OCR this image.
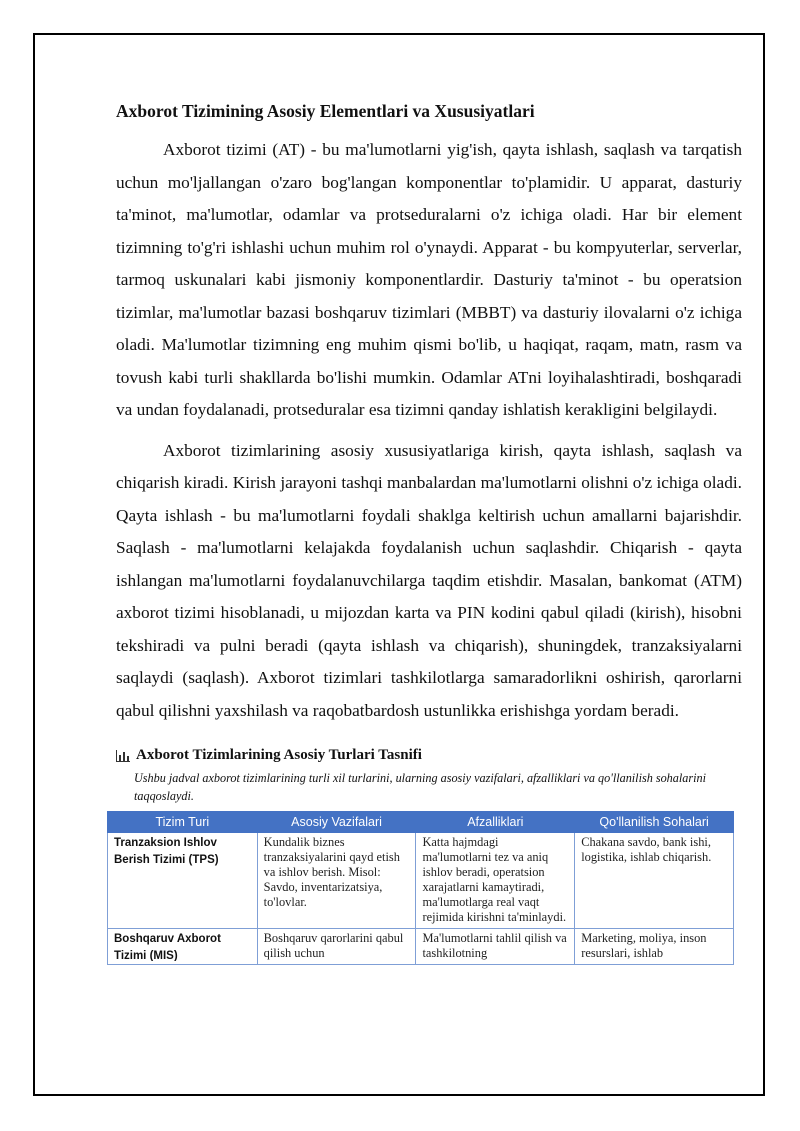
Axborot Tizimining Asosiy Elementlari va Xususiyatlari

Axborot tizimi (AT) - bu ma'lumotlarni yig'ish, qayta ishlash, saqlash va tarqatish uchun mo'ljallangan o'zaro bog'langan komponentlar to'plamidir. U apparat, dasturiy ta'minot, ma'lumotlar, odamlar va protseduralarni o'z ichiga oladi. Har bir element tizimning to'g'ri ishlashi uchun muhim rol o'ynaydi. Apparat - bu kompyuterlar, serverlar, tarmoq uskunalari kabi jismoniy komponentlardir. Dasturiy ta'minot - bu operatsion tizimlar, ma'lumotlar bazasi boshqaruv tizimlari (MBBT) va dasturiy ilovalarni o'z ichiga oladi. Ma'lumotlar tizimning eng muhim qismi bo'lib, u haqiqat, raqam, matn, rasm va tovush kabi turli shakllarda bo'lishi mumkin. Odamlar ATni loyihalashtiradi, boshqaradi va undan foydalanadi, protseduralar esa tizimni qanday ishlatish kerakligini belgilaydi.

Axborot tizimlarining asosiy xususiyatlariga kirish, qayta ishlash, saqlash va chiqarish kiradi. Kirish jarayoni tashqi manbalardan ma'lumotlarni olishni o'z ichiga oladi. Qayta ishlash - bu ma'lumotlarni foydali shaklga keltirish uchun amallarni bajarishdir. Saqlash - ma'lumotlarni kelajakda foydalanish uchun saqlashdir. Chiqarish - qayta ishlangan ma'lumotlarni foydalanuvchilarga taqdim etishdir. Masalan, bankomat (ATM) axborot tizimi hisoblanadi, u mijozdan karta va PIN kodini qabul qiladi (kirish), hisobni tekshiradi va pulni beradi (qayta ishlash va chiqarish), shuningdek, tranzaksiyalarni saqlaydi (saqlash). Axborot tizimlari tashkilotlarga samaradorlikni oshirish, qarorlarni qabul qilishni yaxshilash va raqobatbardosh ustunlikka erishishga yordam beradi.

Axborot Tizimlarining Asosiy Turlari Tasnifi
Ushbu jadval axborot tizimlarining turli xil turlarini, ularning asosiy vazifalari, afzalliklari va qo'llanilish sohalarini taqqoslaydi.
Tizim Turi	Asosiy Vazifalari	Afzalliklari	Qo'llanilish Sohalari
Tranzaksion Ishlov Berish Tizimi (TPS)	Kundalik biznes tranzaksiyalarini qayd etish va ishlov berish. Misol: Savdo, inventarizatsiya, to'lovlar.	Katta hajmdagi ma'lumotlarni tez va aniq ishlov beradi, operatsion xarajatlarni kamaytiradi, ma'lumotlarga real vaqt rejimida kirishni ta'minlaydi.	Chakana savdo, bank ishi, logistika, ishlab chiqarish.

Boshqaruv Axborot Tizimi (MIS)	Boshqaruv qarorlarini qabul qilish uchun	Ma'lumotlarni tahlil qilish va tashkilotning	Marketing, moliya, inson resurslari, ishlab
